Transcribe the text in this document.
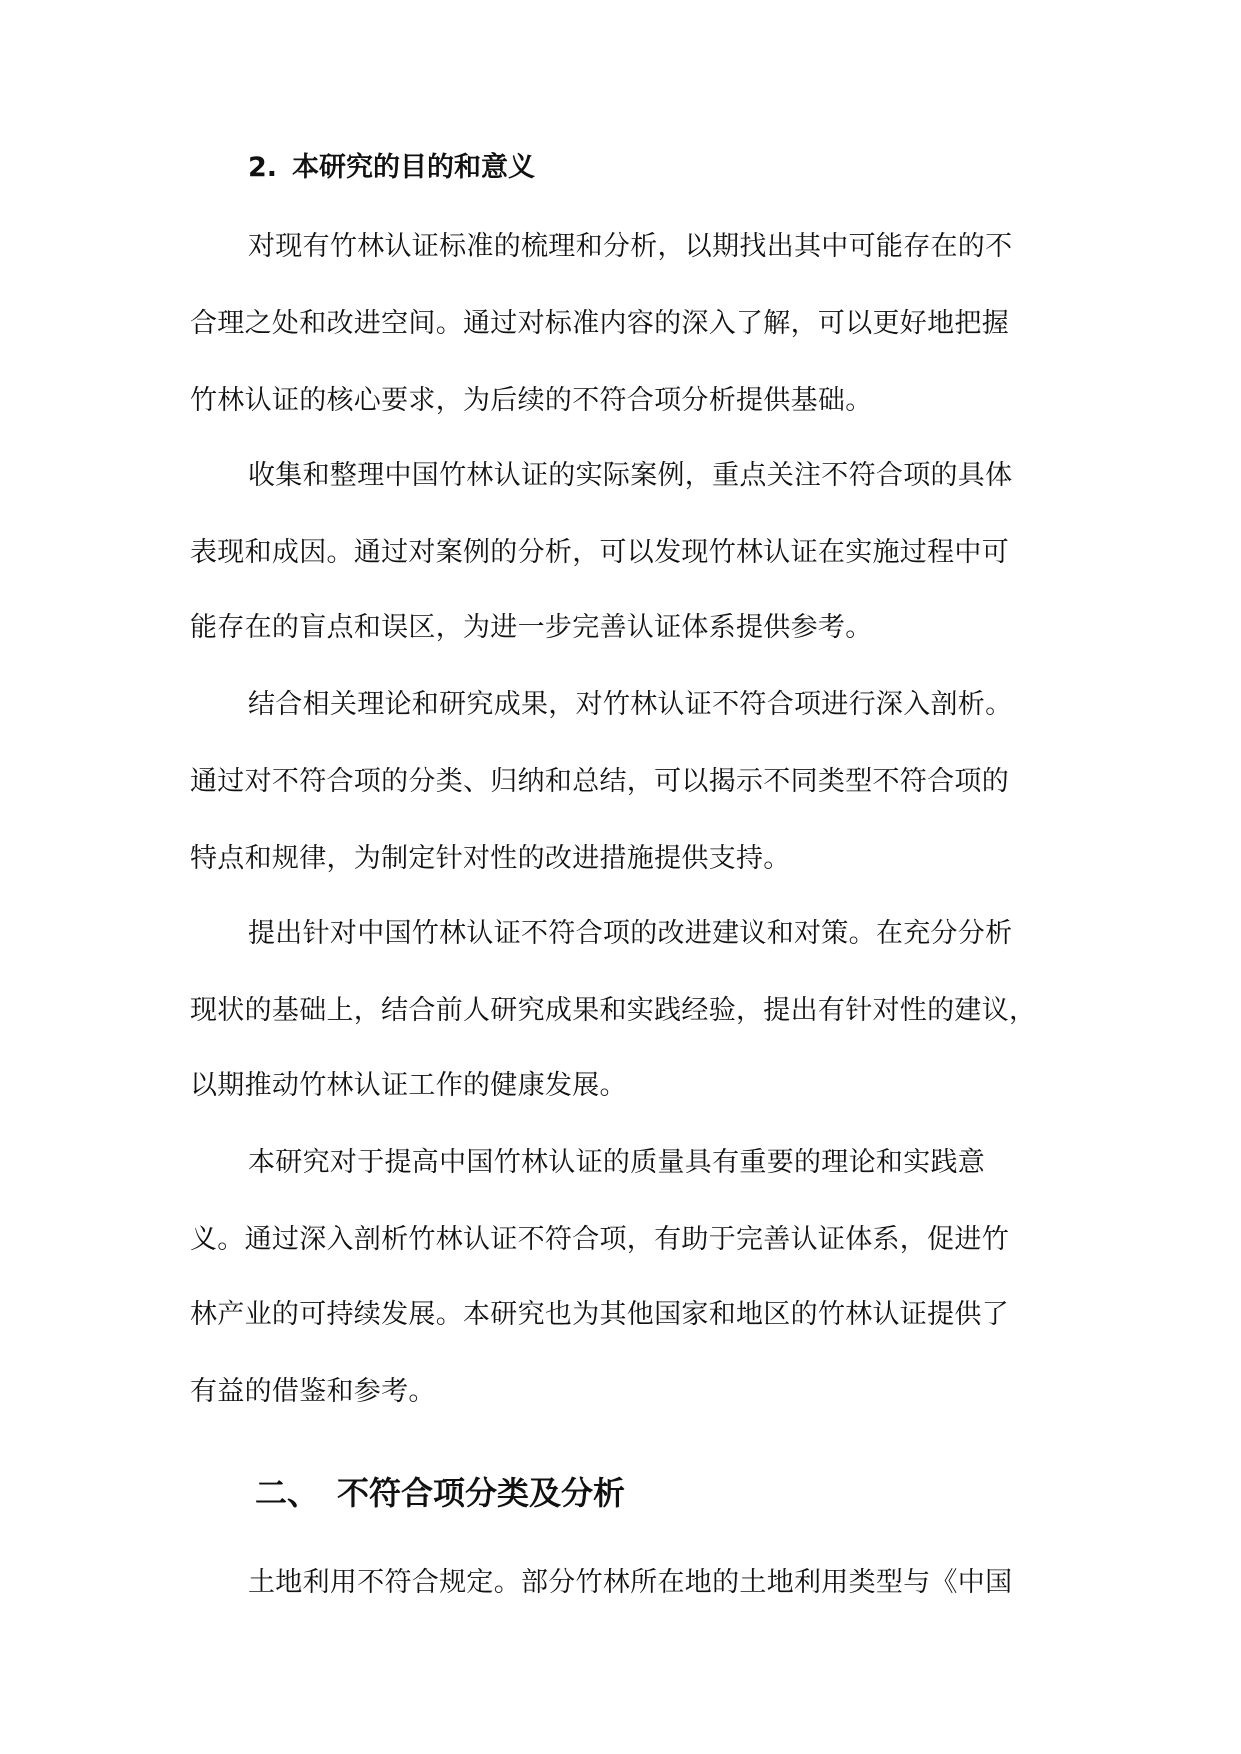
2. 本研究的目的和意义
对现有竹林认证标准的梳理和分析，以期找出其中可能存在的不
合理之处和改进空间。通过对标准内容的深入了解，可以更好地把握
竹林认证的核心要求，为后续的不符合项分析提供基础。
收集和整理中国竹林认证的实际案例，重点关注不符合项的具体
表现和成因。通过对案例的分析，可以发现竹林认证在实施过程中可
能存在的盲点和误区，为进一步完善认证体系提供参考。
结合相关理论和研究成果，对竹林认证不符合项进行深入剖析。
通过对不符合项的分类、归纳和总结，可以揭示不同类型不符合项的
特点和规律，为制定针对性的改进措施提供支持。
提出针对中国竹林认证不符合项的改进建议和对策。在充分分析
现状的基础上，结合前人研究成果和实践经验，提出有针对性的建议，
以期推动竹林认证工作的健康发展。
本研究对于提高中国竹林认证的质量具有重要的理论和实践意
义。通过深入剖析竹林认证不符合项，有助于完善认证体系，促进竹
林产业的可持续发展。本研究也为其他国家和地区的竹林认证提供了
有益的借鉴和参考。
二、 不符合项分类及分析
土地利用不符合规定。部分竹林所在地的土地利用类型与《中国
